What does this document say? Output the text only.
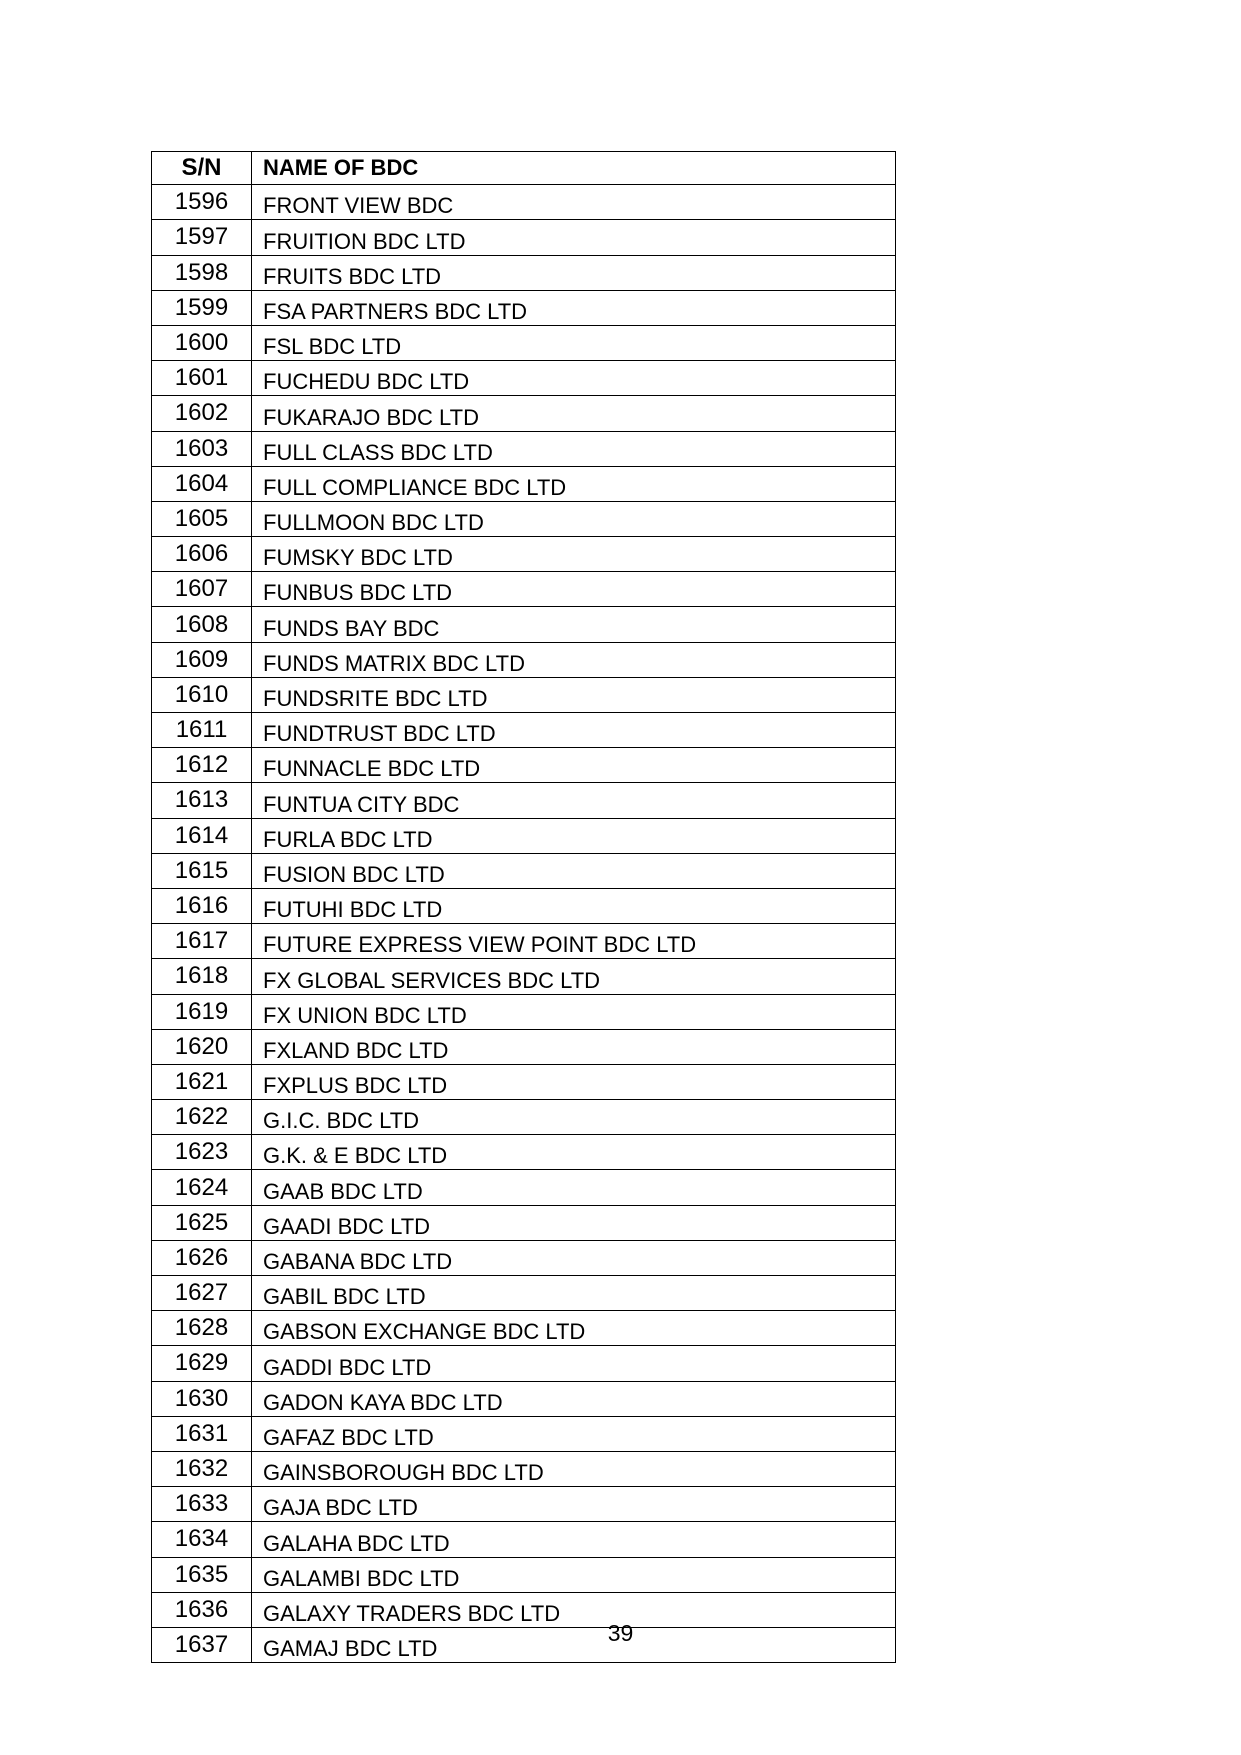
S/N	NAME OF BDC
1596	FRONT VIEW BDC
1597	FRUITION BDC LTD
1598	FRUITS BDC LTD
1599	FSA PARTNERS BDC LTD
1600	FSL BDC LTD
1601	FUCHEDU BDC LTD
1602	FUKARAJO BDC LTD
1603	FULL CLASS BDC LTD
1604	FULL COMPLIANCE BDC LTD
1605	FULLMOON BDC LTD
1606	FUMSKY BDC LTD
1607	FUNBUS BDC LTD
1608	FUNDS BAY BDC
1609	FUNDS MATRIX BDC LTD
1610	FUNDSRITE BDC LTD
1611	FUNDTRUST BDC LTD
1612	FUNNACLE BDC LTD
1613	FUNTUA CITY BDC
1614	FURLA BDC LTD
1615	FUSION BDC LTD
1616	FUTUHI BDC LTD
1617	FUTURE EXPRESS VIEW POINT BDC LTD
1618	FX GLOBAL SERVICES BDC LTD
1619	FX UNION BDC LTD
1620	FXLAND BDC LTD
1621	FXPLUS BDC LTD
1622	G.I.C. BDC LTD
1623	G.K. & E BDC LTD
1624	GAAB BDC LTD
1625	GAADI BDC LTD
1626	GABANA BDC LTD
1627	GABIL BDC LTD
1628	GABSON EXCHANGE BDC LTD
1629	GADDI BDC LTD
1630	GADON KAYA BDC LTD
1631	GAFAZ BDC LTD
1632	GAINSBOROUGH BDC LTD
1633	GAJA BDC LTD
1634	GALAHA BDC LTD
1635	GALAMBI BDC LTD
1636	GALAXY TRADERS BDC LTD
1637	GAMAJ BDC LTD
39
